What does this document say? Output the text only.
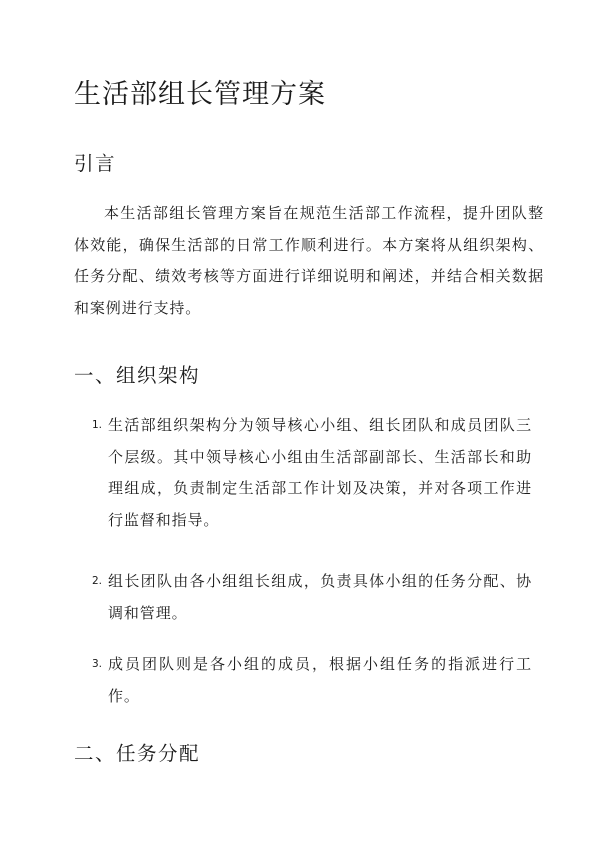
生活部组长管理方案
引言

本生活部组长管理方案旨在规范生活部工作流程，提升团队整体效能，确保生活部的日常工作顺利进行。本方案将从组织架构、任务分配、绩效考核等方面进行详细说明和阐述，并结合相关数据和案例进行支持。

一、组织架构
1. 生活部组织架构分为领导核心小组、组长团队和成员团队三个层级。其中领导核心小组由生活部副部长、生活部长和助理组成，负责制定生活部工作计划及决策，并对各项工作进行监督和指导。

2. 组长团队由各小组组长组成，负责具体小组的任务分配、协调和管理。

3. 成员团队则是各小组的成员，根据小组任务的指派进行工作。

二、任务分配
